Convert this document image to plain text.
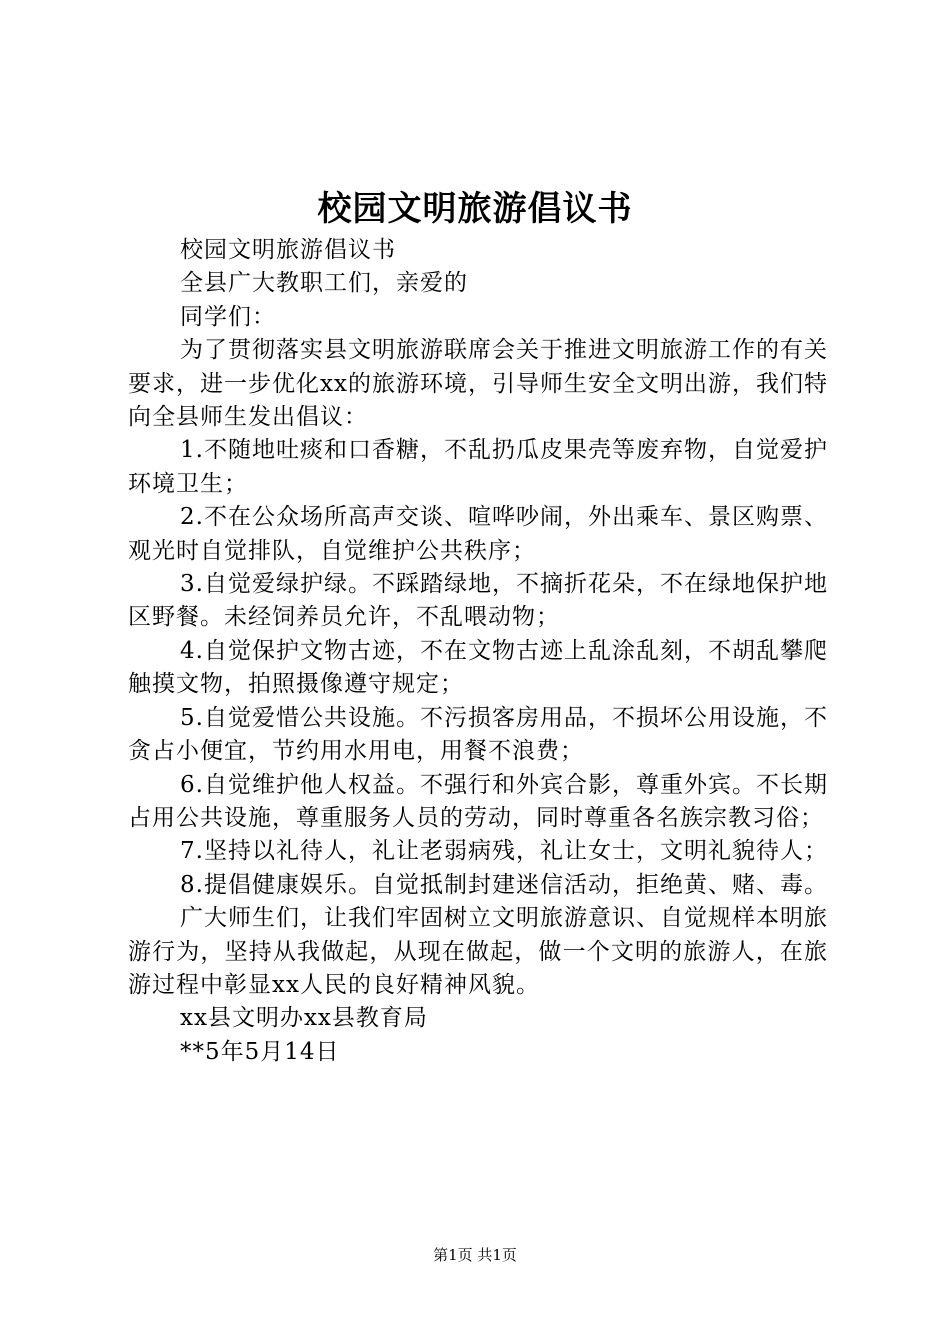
校园文明旅游倡议书

校园文明旅游倡议书

全县广大教职工们，亲爱的

同学们：

为了贯彻落实县文明旅游联席会关于推进文明旅游工作的有关要求，进一步优化xx的旅游环境，引导师生安全文明出游，我们特向全县师生发出倡议：

1.不随地吐痰和口香糖，不乱扔瓜皮果壳等废弃物，自觉爱护环境卫生；

2.不在公众场所高声交谈、喧哗吵闹，外出乘车、景区购票、观光时自觉排队，自觉维护公共秩序；

3.自觉爱绿护绿。不踩踏绿地，不摘折花朵，不在绿地保护地区野餐。未经饲养员允许，不乱喂动物；

4.自觉保护文物古迹，不在文物古迹上乱涂乱刻，不胡乱攀爬触摸文物，拍照摄像遵守规定；

5.自觉爱惜公共设施。不污损客房用品，不损坏公用设施，不贪占小便宜，节约用水用电，用餐不浪费；

6.自觉维护他人权益。不强行和外宾合影，尊重外宾。不长期占用公共设施，尊重服务人员的劳动，同时尊重各名族宗教习俗；

7.坚持以礼待人，礼让老弱病残，礼让女士，文明礼貌待人；

8.提倡健康娱乐。自觉抵制封建迷信活动，拒绝黄、赌、毒。

广大师生们，让我们牢固树立文明旅游意识、自觉规样本明旅游行为，坚持从我做起，从现在做起，做一个文明的旅游人，在旅游过程中彰显xx人民的良好精神风貌。

xx县文明办xx县教育局

**5年5月14日

第1页 共1页
